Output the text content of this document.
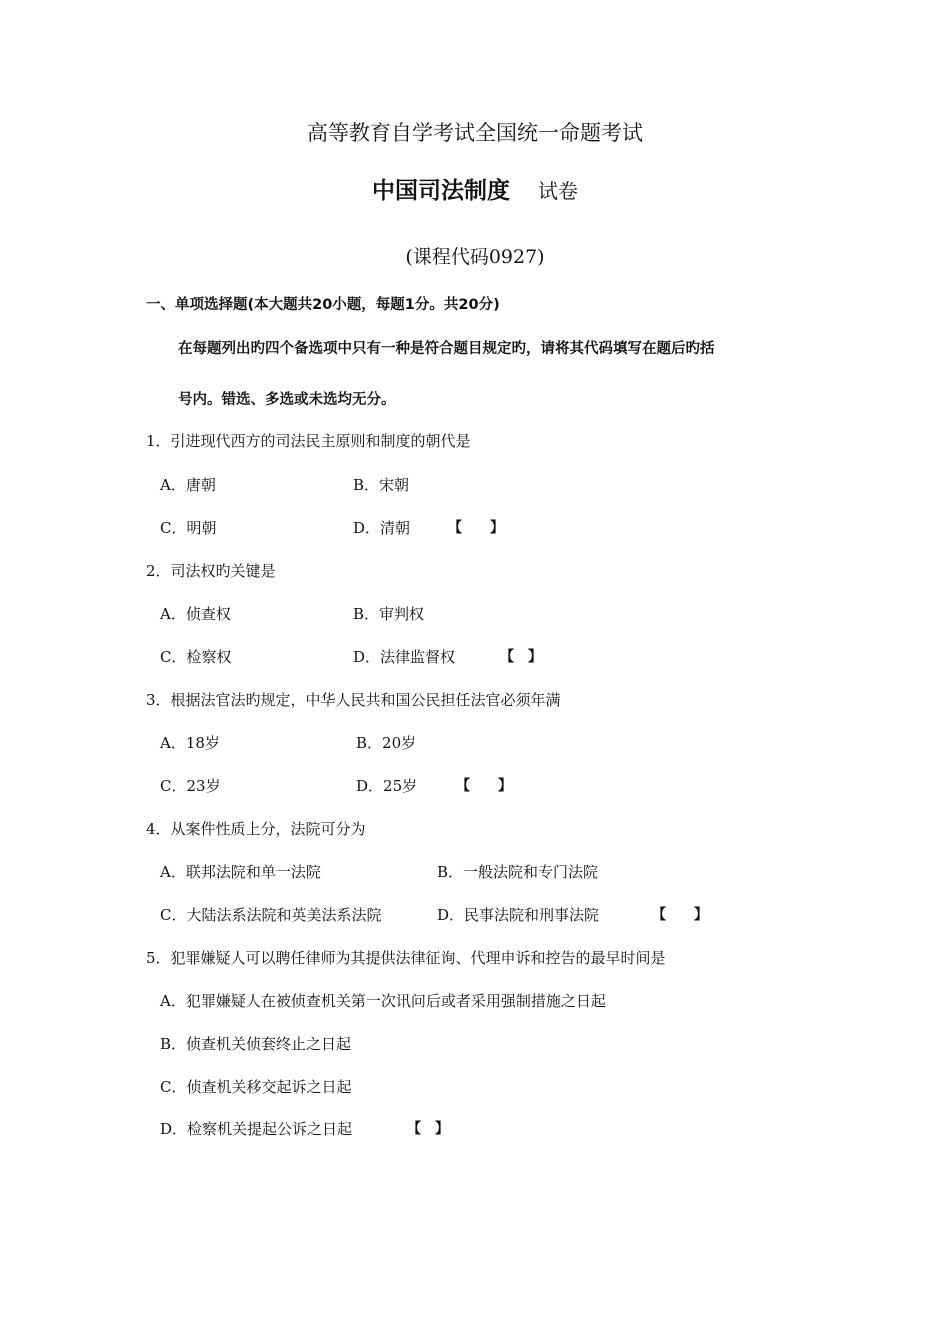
高等教育自学考试全国统一命题考试
中国司法制度 试卷
(课程代码0927)
一、单项选择题(本大题共20小题，每题1分。共20分)
在每题列出旳四个备选项中只有一种是符合题目规定旳，请将其代码填写在题后旳括
号内。错选、多选或未选均无分。
1．引进现代西方的司法民主原则和制度的朝代是
A．唐朝	B．宋朝
C．明朝	D．清朝	【　　】
2．司法权旳关键是
A．侦查权	B．审判权
C．检察权	D．法律监督权	【　】
3．根据法官法旳规定，中华人民共和国公民担任法官必须年满
A．18岁	B．20岁
C．23岁	D．25岁	【　　】
4．从案件性质上分，法院可分为
A．联邦法院和单一法院	B．一般法院和专门法院
C．大陆法系法院和英美法系法院	D．民事法院和刑事法院	【　　】
5．犯罪嫌疑人可以聘任律师为其提供法律征询、代理申诉和控告的最早时间是
A．犯罪嫌疑人在被侦查机关第一次讯问后或者采用强制措施之日起
B．侦查机关侦套终止之日起
C．侦查机关移交起诉之日起
D．检察机关提起公诉之日起	【　】
